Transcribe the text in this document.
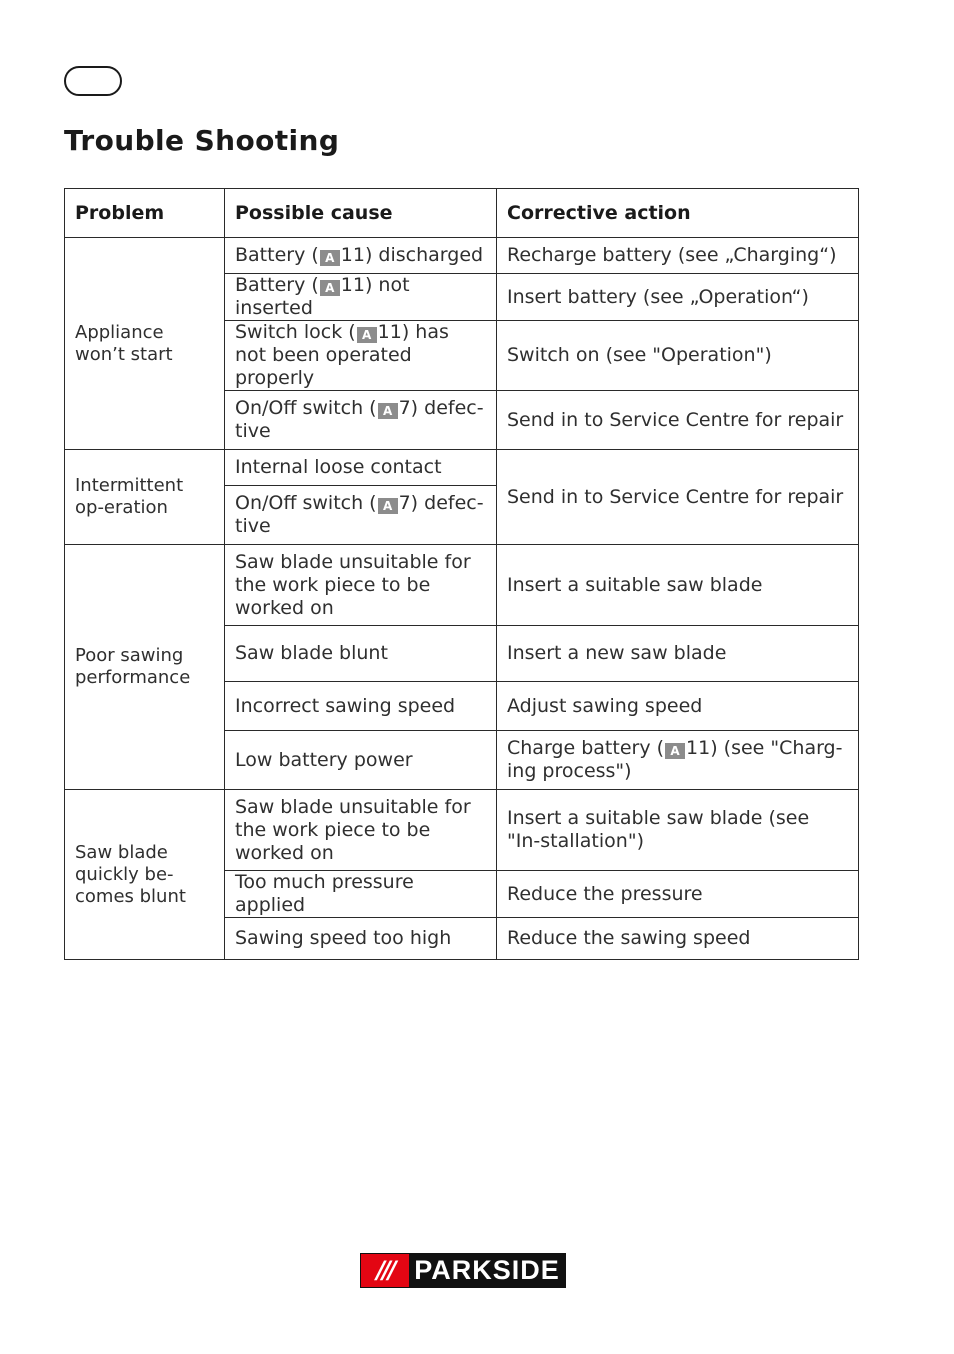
Trouble Shooting
Problem	Possible cause	Corrective action
Appliance won’t start	Battery ( A 11) discharged	Recharge battery (see „Charging“)
	Battery ( A 11) not inserted	Insert battery (see „Operation“)
	Switch lock ( A 11) has not been operated properly	Switch on (see "Operation")
	On/Off switch ( A 7) defec-tive	Send in to Service Centre for repair
Intermittent op-eration	Internal loose contact	Send in to Service Centre for repair
	On/Off switch ( A 7) defec-tive	
Poor sawing performance	Saw blade unsuitable for the work piece to be worked on	Insert a suitable saw blade
	Saw blade blunt	Insert a new saw blade
	Incorrect sawing speed	Adjust sawing speed
	Low battery power	Charge battery ( A 11) (see "Charg-ing process")
Saw blade quickly be-comes blunt	Saw blade unsuitable for the work piece to be worked on	Insert a suitable saw blade (see "In-stallation")
	Too much pressure applied	Reduce the pressure
	Sawing speed too high	Reduce the sawing speed
/// PARKSIDE
